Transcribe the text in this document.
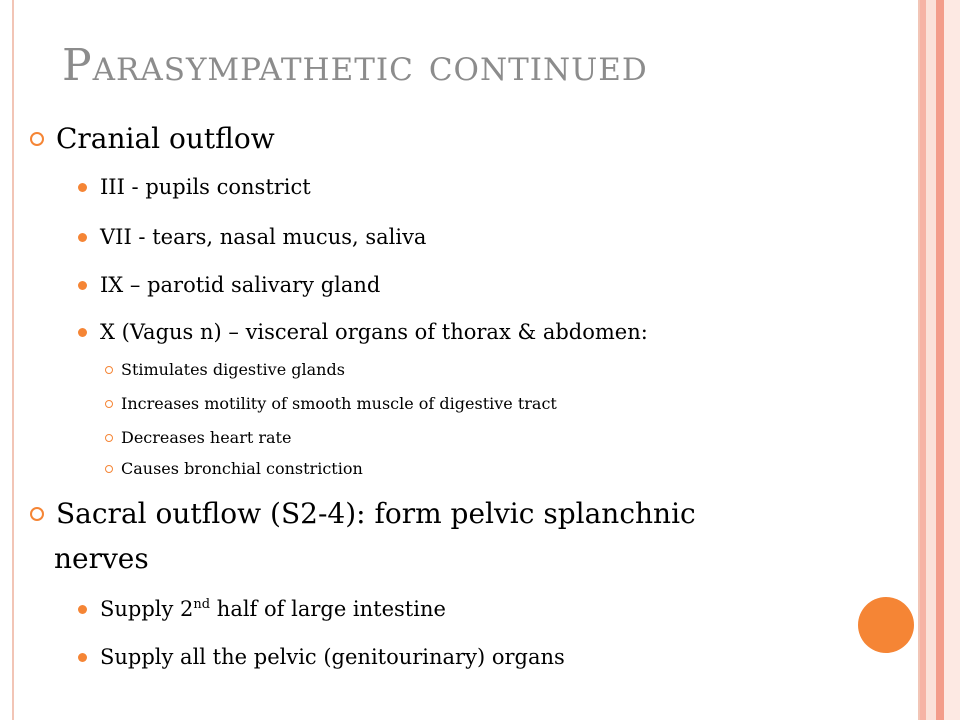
Parasympathetic continued
Cranial outflow
III - pupils constrict
VII - tears, nasal mucus, saliva
IX – parotid salivary gland
X (Vagus n) – visceral organs of thorax & abdomen:
Stimulates digestive glands
Increases motility of smooth muscle of digestive tract
Decreases heart rate
Causes bronchial constriction
Sacral outflow (S2-4): form pelvic splanchnic
nerves
Supply 2nd half of large intestine
Supply all the pelvic (genitourinary) organs
